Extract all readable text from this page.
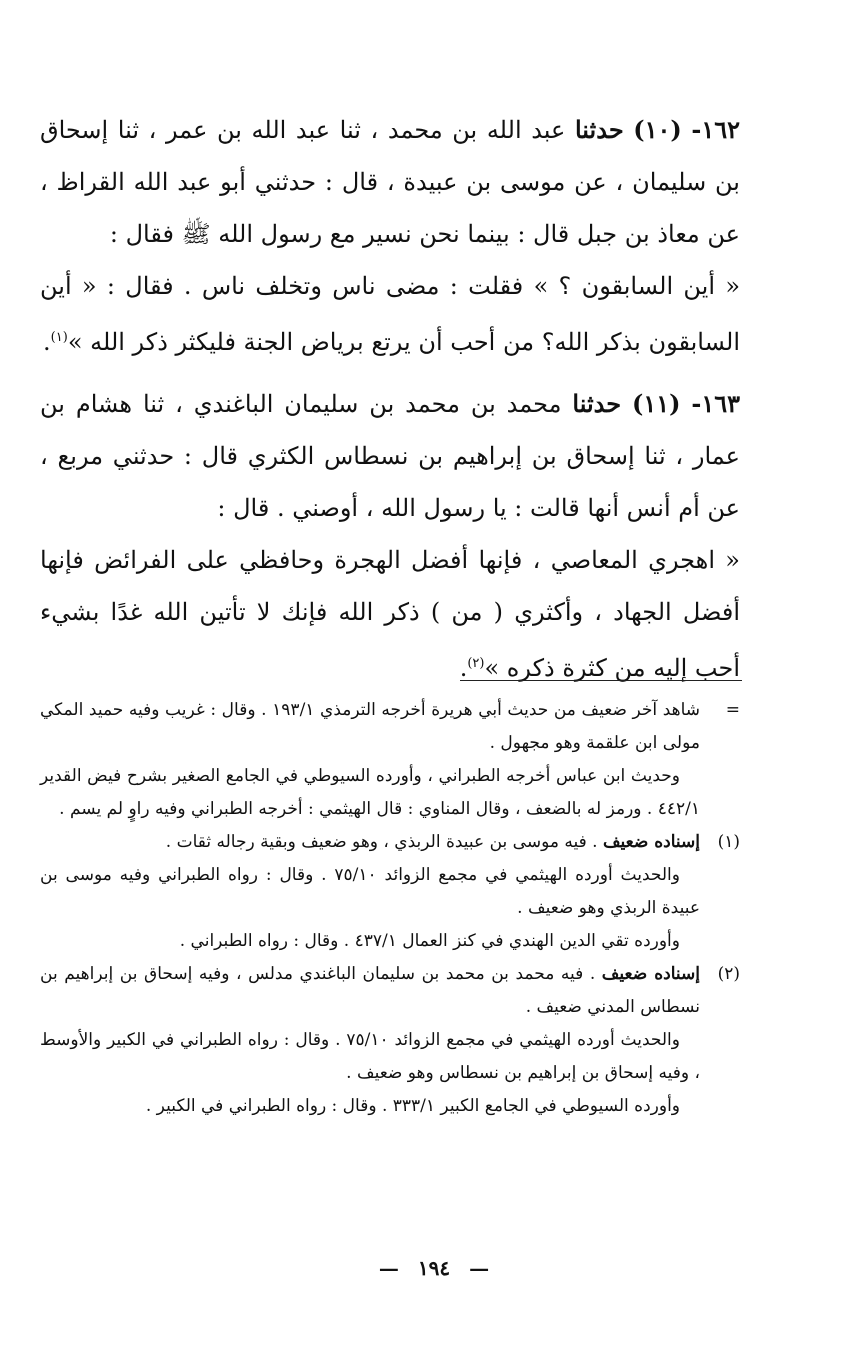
١٦٢- (١٠) حدثنا عبد الله بن محمد ، ثنا عبد الله بن عمر ، ثنا إسحاق بن سليمان ، عن موسى بن عبيدة ، قال : حدثني أبو عبد الله القراظ ، عن معاذ بن جبل قال : بينما نحن نسير مع رسول الله ﷺ فقال :

« أين السابقون ؟ » فقلت : مضى ناس وتخلف ناس . فقال : « أين السابقون بذكر الله؟ من أحب أن يرتع برياض الجنة فليكثر ذكر الله »$^{(١)}$.

١٦٣- (١١) حدثنا محمد بن محمد بن سليمان الباغندي ، ثنا هشام بن عمار ، ثنا إسحاق بن إبراهيم بن نسطاس الكثري قال : حدثني مربع ، عن أم أنس أنها قالت : يا رسول الله ، أوصني . قال :

« اهجري المعاصي ، فإنها أفضل الهجرة وحافظي على الفرائض فإنها أفضل الجهاد ، وأكثري ( من ) ذكر الله فإنك لا تأتين الله غدًا بشيء أحب إليه من كثرة ذكره »$^{(٢)}$.

=

شاهد آخر ضعيف من حديث أبي هريرة أخرجه الترمذي ١٩٣/١ . وقال : غريب وفيه حميد المكي مولى ابن علقمة وهو مجهول .

وحديث ابن عباس أخرجه الطبراني ، وأورده السيوطي في الجامع الصغير بشرح فيض القدير ٤٤٢/١ . ورمز له بالضعف ، وقال المناوي : قال الهيثمي : أخرجه الطبراني وفيه راوٍ لم يسم .

(١)

إسناده ضعيف . فيه موسى بن عبيدة الربذي ، وهو ضعيف وبقية رجاله ثقات .

والحديث أورده الهيثمي في مجمع الزوائد ٧٥/١٠ . وقال : رواه الطبراني وفيه موسى بن عبيدة الربذي وهو ضعيف .

وأورده تقي الدين الهندي في كنز العمال ٤٣٧/١ . وقال : رواه الطبراني .

(٢)

إسناده ضعيف . فيه محمد بن محمد بن سليمان الباغندي مدلس ، وفيه إسحاق بن إبراهيم بن نسطاس المدني ضعيف .

والحديث أورده الهيثمي في مجمع الزوائد ٧٥/١٠ . وقال : رواه الطبراني في الكبير والأوسط ، وفيه إسحاق بن إبراهيم بن نسطاس وهو ضعيف .

وأورده السيوطي في الجامع الكبير ٣٣٣/١ . وقال : رواه الطبراني في الكبير .

— ١٩٤ —
